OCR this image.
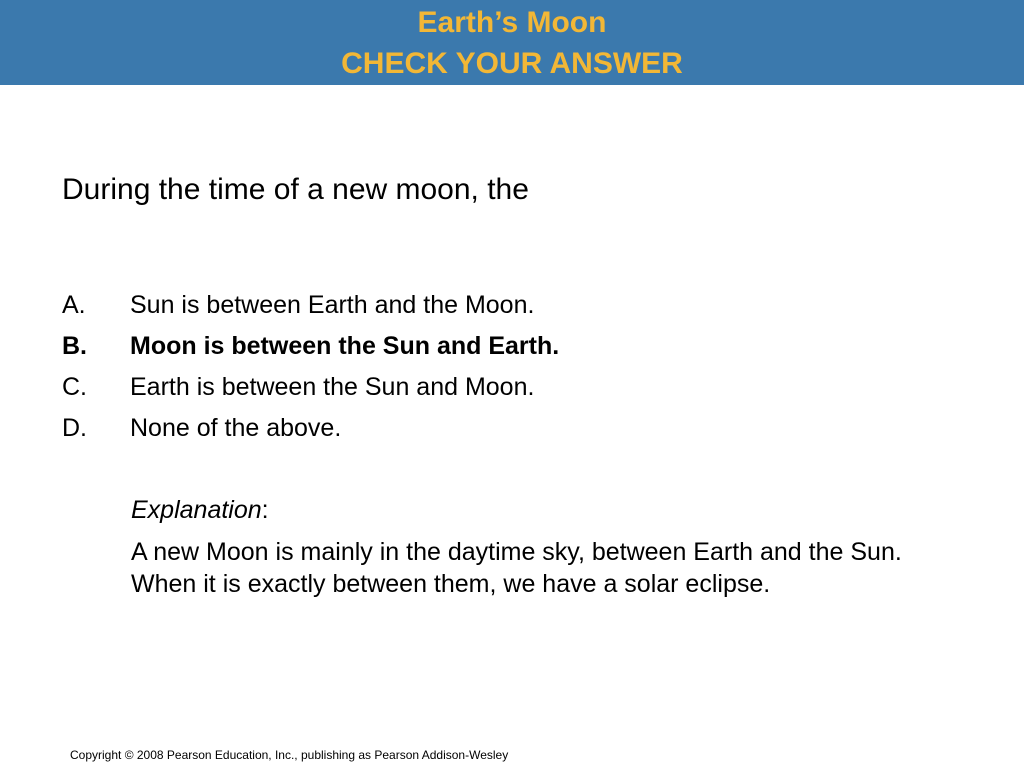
Earth’s Moon
CHECK YOUR ANSWER
During the time of a new moon, the
A. Sun is between Earth and the Moon.
B. Moon is between the Sun and Earth.
C. Earth is between the Sun and Moon.
D. None of the above.
Explanation:
A new Moon is mainly in the daytime sky, between Earth and the Sun. When it is exactly between them, we have a solar eclipse.
Copyright © 2008 Pearson Education, Inc., publishing as Pearson Addison-Wesley
